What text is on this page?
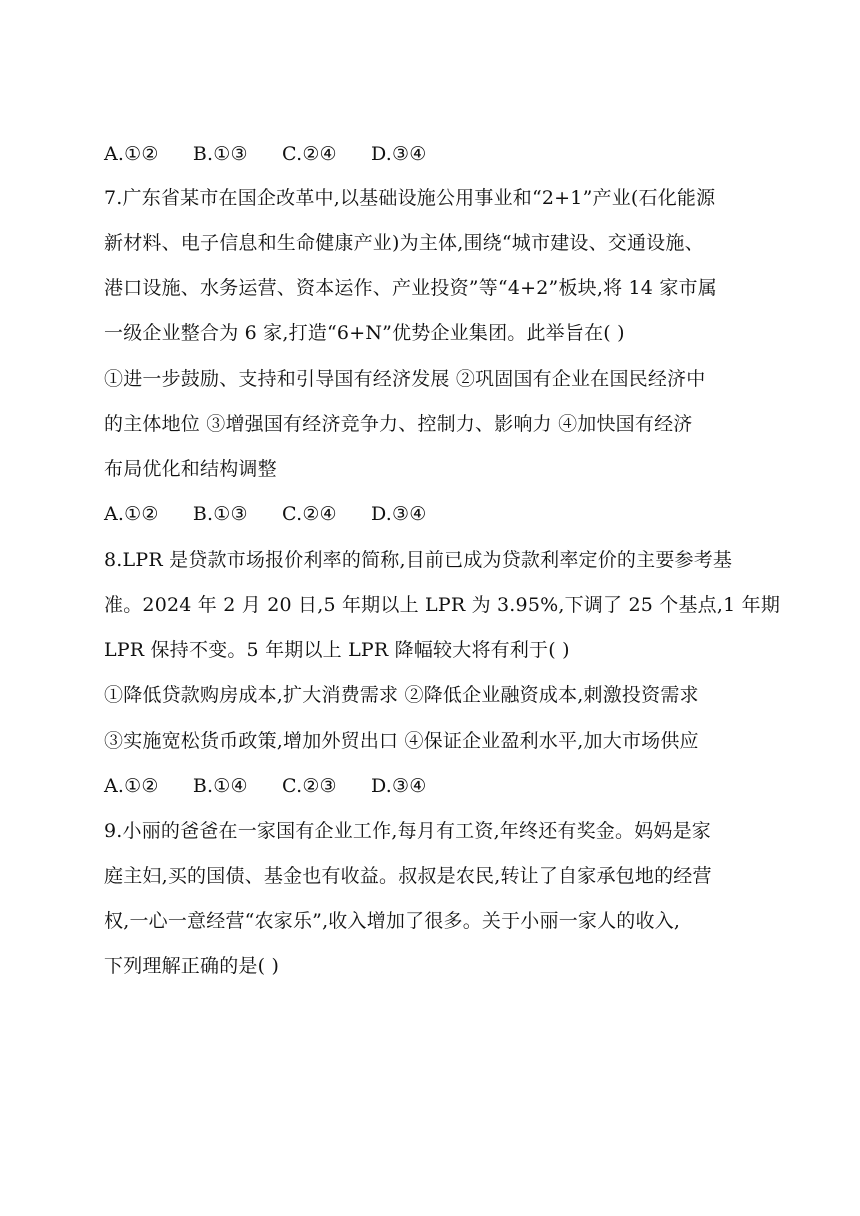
A.①② B.①③ C.②④ D.③④
7.广东省某市在国企改革中,以基础设施公用事业和“2+1”产业(石化能源
新材料、电子信息和生命健康产业)为主体,围绕“城市建设、交通设施、
港口设施、水务运营、资本运作、产业投资”等“4+2”板块,将 14 家市属
一级企业整合为 6 家,打造“6+N”优势企业集团。此举旨在( )
①进一步鼓励、支持和引导国有经济发展 ②巩固国有企业在国民经济中
的主体地位 ③增强国有经济竞争力、控制力、影响力 ④加快国有经济
布局优化和结构调整
A.①② B.①③ C.②④ D.③④
8.LPR 是贷款市场报价利率的简称,目前已成为贷款利率定价的主要参考基
准。2024 年 2 月 20 日,5 年期以上 LPR 为 3.95%,下调了 25 个基点,1 年期
LPR 保持不变。5 年期以上 LPR 降幅较大将有利于( )
①降低贷款购房成本,扩大消费需求 ②降低企业融资成本,刺激投资需求
③实施宽松货币政策,增加外贸出口 ④保证企业盈利水平,加大市场供应
A.①② B.①④ C.②③ D.③④
9.小丽的爸爸在一家国有企业工作,每月有工资,年终还有奖金。妈妈是家
庭主妇,买的国债、基金也有收益。叔叔是农民,转让了自家承包地的经营
权,一心一意经营“农家乐”,收入增加了很多。关于小丽一家人的收入,
下列理解正确的是( )
